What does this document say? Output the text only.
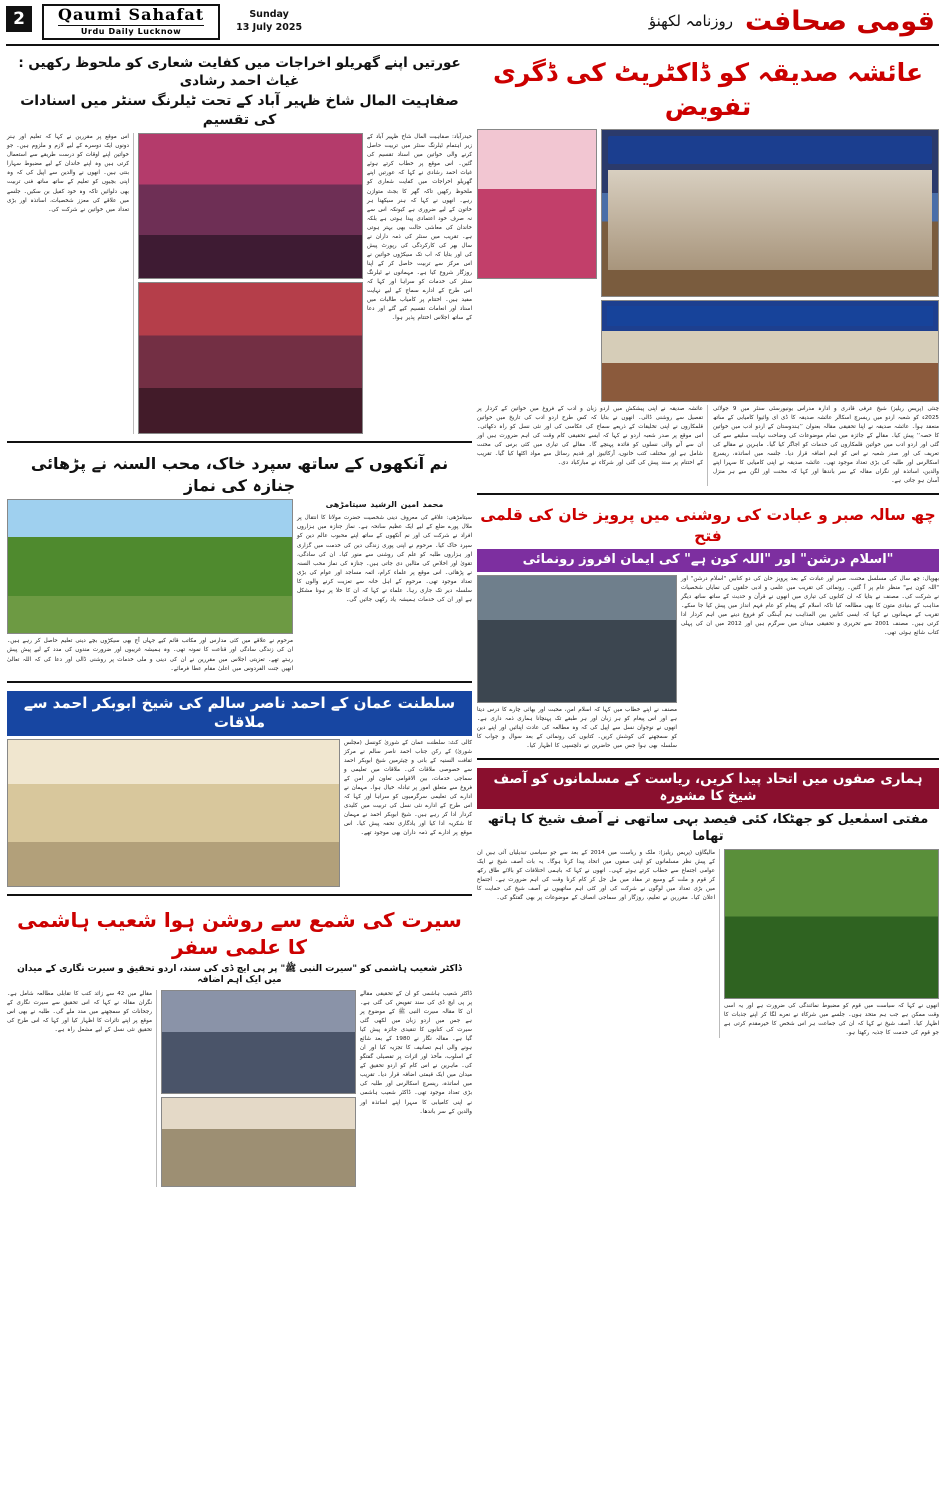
2	Qaumi Sahafat
Urdu Daily Lucknow
Sunday
13 July 2025	روزنامہ لکھنؤ قومی صحافت
عائشہ صدیقہ کو ڈاکٹریٹ کی ڈگری تفویض
چنئی (پریس ریلیز) شیخ عرفی قادری و ادارہ مدراس یونیورسٹی سنٹر میں 9 جولائی 2025ء کو شعبہ اردو میں ریسرچ اسکالر عائشہ صدیقہ کا ڈی ای وائیوا کامیابی کے ساتھ منعقد ہوا۔ عائشہ صدیقہ نے اپنا تحقیقی مقالہ بعنوان ’’ہندوستان کے اردو ادب میں خواتین کا حصہ‘‘ پیش کیا۔ مقالے کے جائزہ میں تمام موضوعات کی وضاحت نہایت سلیقے سے کی گئی اور اردو ادب میں خواتین قلمکاروں کی خدمات کو اجاگر کیا گیا۔ ماہرین نے مقالے کی تعریف کی اور صدر شعبہ نے اس کو اہم اضافہ قرار دیا۔ جلسہ میں اساتذہ، ریسرچ اسکالرس اور طلبہ کی بڑی تعداد موجود تھی۔ عائشہ صدیقہ نے اپنی کامیابی کا سہرا اپنے والدین، اساتذہ اور نگراں مقالہ کے سر باندھا اور کہا کہ محنت اور لگن سے ہر منزل آسان ہو جاتی ہے۔
عائشہ صدیقہ نے اپنی پیشکش میں اردو زبان و ادب کے فروغ میں خواتین کے کردار پر تفصیل سے روشنی ڈالی۔ انھوں نے بتایا کہ کس طرح اردو ادب کی تاریخ میں خواتین قلمکاروں نے اپنی تخلیقات کے ذریعے سماج کی عکاسی کی اور نئی نسل کو راہ دکھائی۔ اس موقع پر صدر شعبہ اردو نے کہا کہ ایسے تحقیقی کام وقت کی اہم ضرورت ہیں اور ان سے آنے والی نسلوں کو فائدہ پہنچے گا۔ مقالے کی تیاری میں کئی برس کی محنت شامل ہے اور مختلف کتب خانوں، آرکائیوز اور قدیم رسائل سے مواد اکٹھا کیا گیا۔ تقریب کے اختتام پر سند پیش کی گئی اور شرکاء نے مبارکباد دی۔
چھ سالہ صبر و عبادت کی روشنی میں پرویز خان کی قلمی فتح
"اسلام درشن" اور "اللہ کون ہے" کی ایمان افروز رونمائی
بھوپال: چھ سال کی مسلسل محنت، صبر اور عبادت کے بعد پرویز خان کی دو کتابیں "اسلام درشن" اور "اللہ کون ہے" منظر عام پر آ گئیں۔ رونمائی کی تقریب میں علمی و ادبی حلقوں کی نمایاں شخصیات نے شرکت کی۔ مصنف نے بتایا کہ ان کتابوں کی تیاری میں انھوں نے قرآن و حدیث کے ساتھ ساتھ دیگر مذاہب کے بنیادی متون کا بھی مطالعہ کیا تاکہ اسلام کے پیغام کو عام فہم انداز میں پیش کیا جا سکے۔ تقریب کے مہمانوں نے کہا کہ ایسی کتابیں بین المذاہب ہم آہنگی کو فروغ دینے میں اہم کردار ادا کرتی ہیں۔ مصنف 2001 سے تحریری و تحقیقی میدان میں سرگرم ہیں اور 2012 میں ان کی پہلی کتاب شائع ہوئی تھی۔
مصنف نے اپنے خطاب میں کہا کہ اسلام امن، محبت اور بھائی چارے کا درس دیتا ہے اور اس پیغام کو ہر زبان اور ہر طبقے تک پہنچانا ہماری ذمہ داری ہے۔ انھوں نے نوجوان نسل سے اپیل کی کہ وہ مطالعہ کی عادت اپنائیں اور اپنے دین کو سمجھنے کی کوشش کریں۔ کتابوں کی رونمائی کے بعد سوال و جواب کا سلسلہ بھی ہوا جس میں حاضرین نے دلچسپی کا اظہار کیا۔
ہماری صفوں میں اتحاد پیدا کریں، ریاست کے مسلمانوں کو آصف شیخ کا مشورہ
مفتی اسمٰعیل کو جھٹکا، کئی فیصد بہی ساتھی نے آصف شیخ کا ہاتھ تھاما
انھوں نے کہا کہ سیاست میں قوم کو مضبوط نمائندگی کی ضرورت ہے اور یہ اسی وقت ممکن ہے جب ہم متحد ہوں۔ جلسے میں شرکاء نے نعرے لگا کر اپنے جذبات کا اظہار کیا۔ آصف شیخ نے کہا کہ ان کی جماعت ہر اس شخص کا خیرمقدم کرتی ہے جو قوم کی خدمت کا جذبہ رکھتا ہو۔
مالیگاؤں (پریس ریلیز): ملک و ریاست میں 2014 کے بعد سے جو سیاسی تبدیلیاں آئی ہیں ان کے پیش نظر مسلمانوں کو اپنی صفوں میں اتحاد پیدا کرنا ہوگا۔ یہ بات آصف شیخ نے ایک عوامی اجتماع سے خطاب کرتے ہوئے کہی۔ انھوں نے کہا کہ باہمی اختلافات کو بالائے طاق رکھ کر قوم و ملت کے وسیع تر مفاد میں مل جل کر کام کرنا وقت کی اہم ضرورت ہے۔ اجتماع میں بڑی تعداد میں لوگوں نے شرکت کی اور کئی اہم ساتھیوں نے آصف شیخ کی حمایت کا اعلان کیا۔ مقررین نے تعلیم، روزگار اور سماجی انصاف کے موضوعات پر بھی گفتگو کی۔
عورتیں اپنے گھریلو اخراجات میں کفایت شعاری کو ملحوظ رکھیں : غیاث احمد رشادی
صفاہیت المال شاخ ظہیر آباد کے تحت ٹیلرنگ سنٹر میں اسنادات کی تقسیم
حیدرآباد: صفاہیت المال شاخ ظہیر آباد کے زیر اہتمام ٹیلرنگ سنٹر میں تربیت حاصل کرنے والی خواتین میں اسناد تقسیم کی گئیں۔ اس موقع پر خطاب کرتے ہوئے غیاث احمد رشادی نے کہا کہ عورتیں اپنے گھریلو اخراجات میں کفایت شعاری کو ملحوظ رکھیں تاکہ گھر کا بجٹ متوازن رہے۔ انھوں نے کہا کہ ہنر سیکھنا ہر خاتون کے لیے ضروری ہے کیونکہ اس سے نہ صرف خود اعتمادی پیدا ہوتی ہے بلکہ خاندان کی معاشی حالت بھی بہتر ہوتی ہے۔ تقریب میں سنٹر کی ذمہ داران نے سال بھر کی کارکردگی کی رپورٹ پیش کی اور بتایا کہ اب تک سیکڑوں خواتین نے اس مرکز سے تربیت حاصل کر کے اپنا روزگار شروع کیا ہے۔ مہمانوں نے ٹیلرنگ سنٹر کی خدمات کو سراہا اور کہا کہ اس طرح کے ادارے سماج کے لیے نہایت مفید ہیں۔ اختتام پر کامیاب طالبات میں اسناد اور انعامات تقسیم کیے گئے اور دعا کے ساتھ اجلاس اختتام پذیر ہوا۔
اس موقع پر مقررین نے کہا کہ تعلیم اور ہنر دونوں ایک دوسرے کے لیے لازم و ملزوم ہیں۔ جو خواتین اپنے اوقات کو درست طریقے سے استعمال کرتی ہیں وہ اپنے خاندان کے لیے مضبوط سہارا بنتی ہیں۔ انھوں نے والدین سے اپیل کی کہ وہ اپنی بچیوں کو تعلیم کے ساتھ ساتھ فنی تربیت بھی دلوائیں تاکہ وہ خود کفیل بن سکیں۔ جلسے میں علاقے کی معزز شخصیات، اساتذہ اور بڑی تعداد میں خواتین نے شرکت کی۔
نم آنکھوں کے ساتھ سپرد خاک، محب السنہ نے پڑھائی جنازہ کی نماز
محمد امین الرشید سیتامڑھی
سیتامڑھی: علاقے کی معروف دینی شخصیت حضرت مولانا کا انتقال پر ملال پورے ضلع کے لیے ایک عظیم سانحہ ہے۔ نماز جنازہ میں ہزاروں افراد نے شرکت کی اور نم آنکھوں کے ساتھ اپنے محبوب عالم دین کو سپرد خاک کیا۔ مرحوم نے اپنی پوری زندگی دین کی خدمت میں گزاری اور ہزاروں طلبہ کو علم کی روشنی سے منور کیا۔ ان کی سادگی، تقویٰ اور اخلاص کی مثالیں دی جاتی ہیں۔ جنازہ کی نماز محب السنہ نے پڑھائی۔ اس موقع پر علماء کرام، ائمہ مساجد اور عوام کی بڑی تعداد موجود تھی۔ مرحوم کے اہل خانہ سے تعزیت کرنے والوں کا سلسلہ دیر تک جاری رہا۔ علماء نے کہا کہ ان کا خلا پر ہونا مشکل ہے اور ان کی خدمات ہمیشہ یاد رکھی جائیں گی۔
مرحوم نے علاقے میں کئی مدارس اور مکاتب قائم کیے جہاں آج بھی سیکڑوں بچے دینی تعلیم حاصل کر رہے ہیں۔ ان کی زندگی سادگی اور قناعت کا نمونہ تھی۔ وہ ہمیشہ غریبوں اور ضرورت مندوں کی مدد کے لیے پیش پیش رہتے تھے۔ تعزیتی اجلاس میں مقررین نے ان کی دینی و ملی خدمات پر روشنی ڈالی اور دعا کی کہ اللہ تعالیٰ انھیں جنت الفردوس میں اعلیٰ مقام عطا فرمائے۔
سلطنت عمان کے احمد ناصر سالم کی شیخ ابوبکر احمد سے ملاقات
کالی کٹ: سلطنت عمان کے شوریٰ کونسل (مجلس شوریٰ) کے رکن جناب احمد ناصر سالم نے مرکز ثقافت السنیہ کے بانی و چیئرمین شیخ ابوبکر احمد سے خصوصی ملاقات کی۔ ملاقات میں تعلیمی و سماجی خدمات، بین الاقوامی تعاون اور امن کے فروغ سے متعلق امور پر تبادلہ خیال ہوا۔ مہمان نے ادارے کی تعلیمی سرگرمیوں کو سراہا اور کہا کہ اس طرح کے ادارے نئی نسل کی تربیت میں کلیدی کردار ادا کر رہے ہیں۔ شیخ ابوبکر احمد نے مہمان کا شکریہ ادا کیا اور یادگاری تحفہ پیش کیا۔ اس موقع پر ادارے کے ذمہ داران بھی موجود تھے۔
سیرت کی شمع سے روشن ہوا شعیب ہاشمی کا علمی سفر
ڈاکٹر شعیب ہاشمی کو "سیرت النبی ﷺ" پر پی ایچ ڈی کی سند، اردو تحقیق و سیرت نگاری کے میدان میں ایک اہم اضافہ
ڈاکٹر شعیب ہاشمی کو ان کے تحقیقی مقالے پر پی ایچ ڈی کی سند تفویض کی گئی ہے۔ ان کا مقالہ سیرت النبی ﷺ کے موضوع پر ہے جس میں اردو زبان میں لکھی گئی سیرت کی کتابوں کا تنقیدی جائزہ پیش کیا گیا ہے۔ مقالہ نگار نے 1980 کے بعد شائع ہونے والی اہم تصانیف کا تجزیہ کیا اور ان کے اسلوب، مآخذ اور اثرات پر تفصیلی گفتگو کی۔ ماہرین نے اس کام کو اردو تحقیق کے میدان میں ایک قیمتی اضافہ قرار دیا۔ تقریب میں اساتذہ، ریسرچ اسکالرس اور طلبہ کی بڑی تعداد موجود تھی۔ ڈاکٹر شعیب ہاشمی نے اپنی کامیابی کا سہرا اپنے اساتذہ اور والدین کے سر باندھا۔
مقالے میں 42 سے زائد کتب کا تقابلی مطالعہ شامل ہے۔ نگران مقالہ نے کہا کہ اس تحقیق سے سیرت نگاری کے رجحانات کو سمجھنے میں مدد ملے گی۔ طلبہ نے بھی اس موقع پر اپنے تاثرات کا اظہار کیا اور کہا کہ اس طرح کی تحقیق نئی نسل کے لیے مشعل راہ ہے۔
